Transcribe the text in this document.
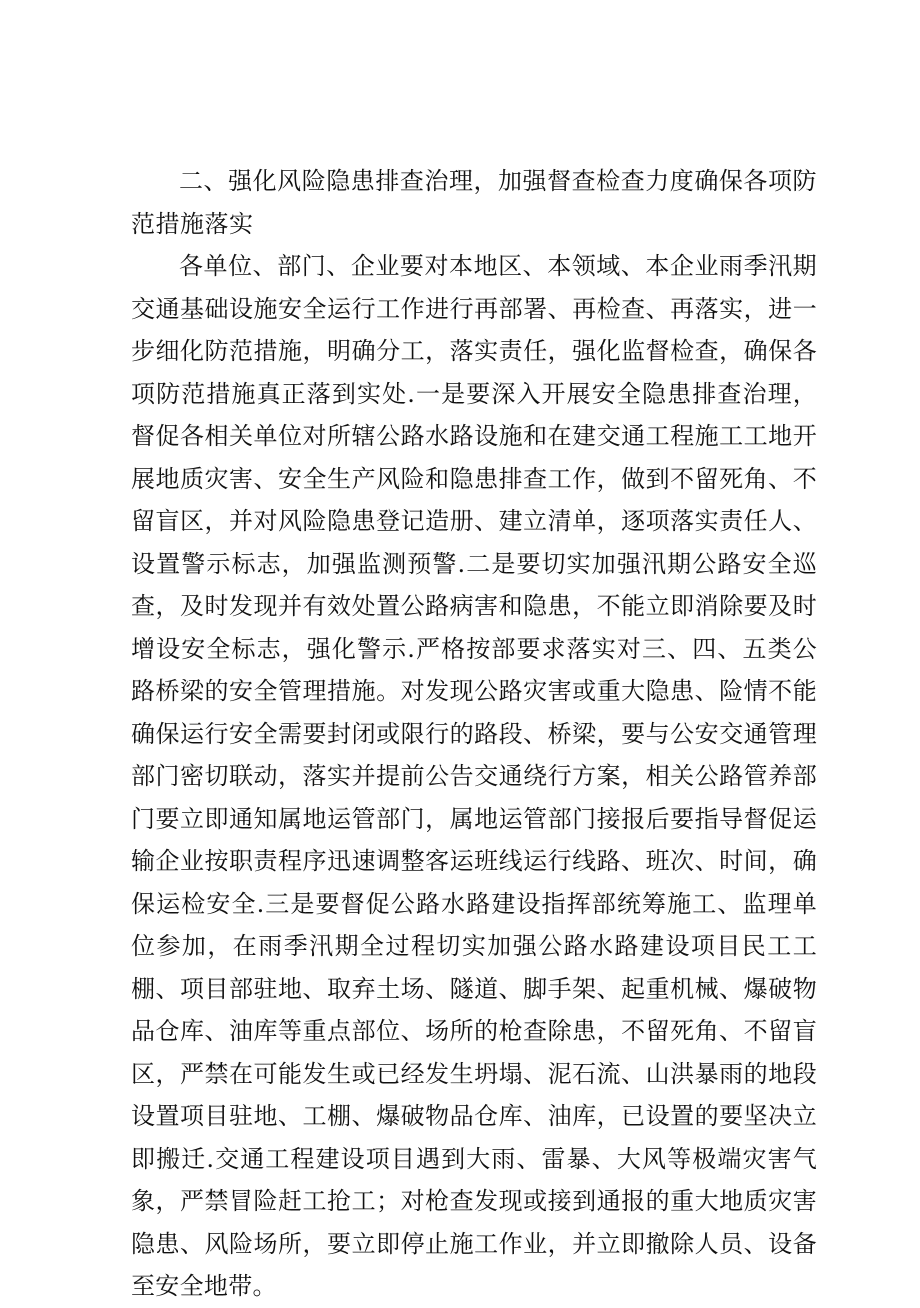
二、强化风险隐患排查治理，加强督查检查力度确保各项防范措施落实

各单位、部门、企业要对本地区、本领域、本企业雨季汛期交通基础设施安全运行工作进行再部署、再检查、再落实，进一步细化防范措施，明确分工，落实责任，强化监督检查，确保各项防范措施真正落到实处.一是要深入开展安全隐患排查治理，督促各相关单位对所辖公路水路设施和在建交通工程施工工地开展地质灾害、安全生产风险和隐患排查工作，做到不留死角、不留盲区，并对风险隐患登记造册、建立清单，逐项落实责任人、设置警示标志，加强监测预警.二是要切实加强汛期公路安全巡查，及时发现并有效处置公路病害和隐患，不能立即消除要及时增设安全标志，强化警示.严格按部要求落实对三、四、五类公路桥梁的安全管理措施。对发现公路灾害或重大隐患、险情不能确保运行安全需要封闭或限行的路段、桥梁，要与公安交通管理部门密切联动，落实并提前公告交通绕行方案，相关公路管养部门要立即通知属地运管部门，属地运管部门接报后要指导督促运输企业按职责程序迅速调整客运班线运行线路、班次、时间，确保运检安全.三是要督促公路水路建设指挥部统筹施工、监理单位参加，在雨季汛期全过程切实加强公路水路建设项目民工工棚、项目部驻地、取弃土场、隧道、脚手架、起重机械、爆破物品仓库、油库等重点部位、场所的枪查除患，不留死角、不留盲区，严禁在可能发生或已经发生坍塌、泥石流、山洪暴雨的地段设置项目驻地、工棚、爆破物品仓库、油库，已设置的要坚决立即搬迁.交通工程建设项目遇到大雨、雷暴、大风等极端灾害气象，严禁冒险赶工抢工；对枪查发现或接到通报的重大地质灾害隐患、风险场所，要立即停止施工作业，并立即撤除人员、设备至安全地带。
